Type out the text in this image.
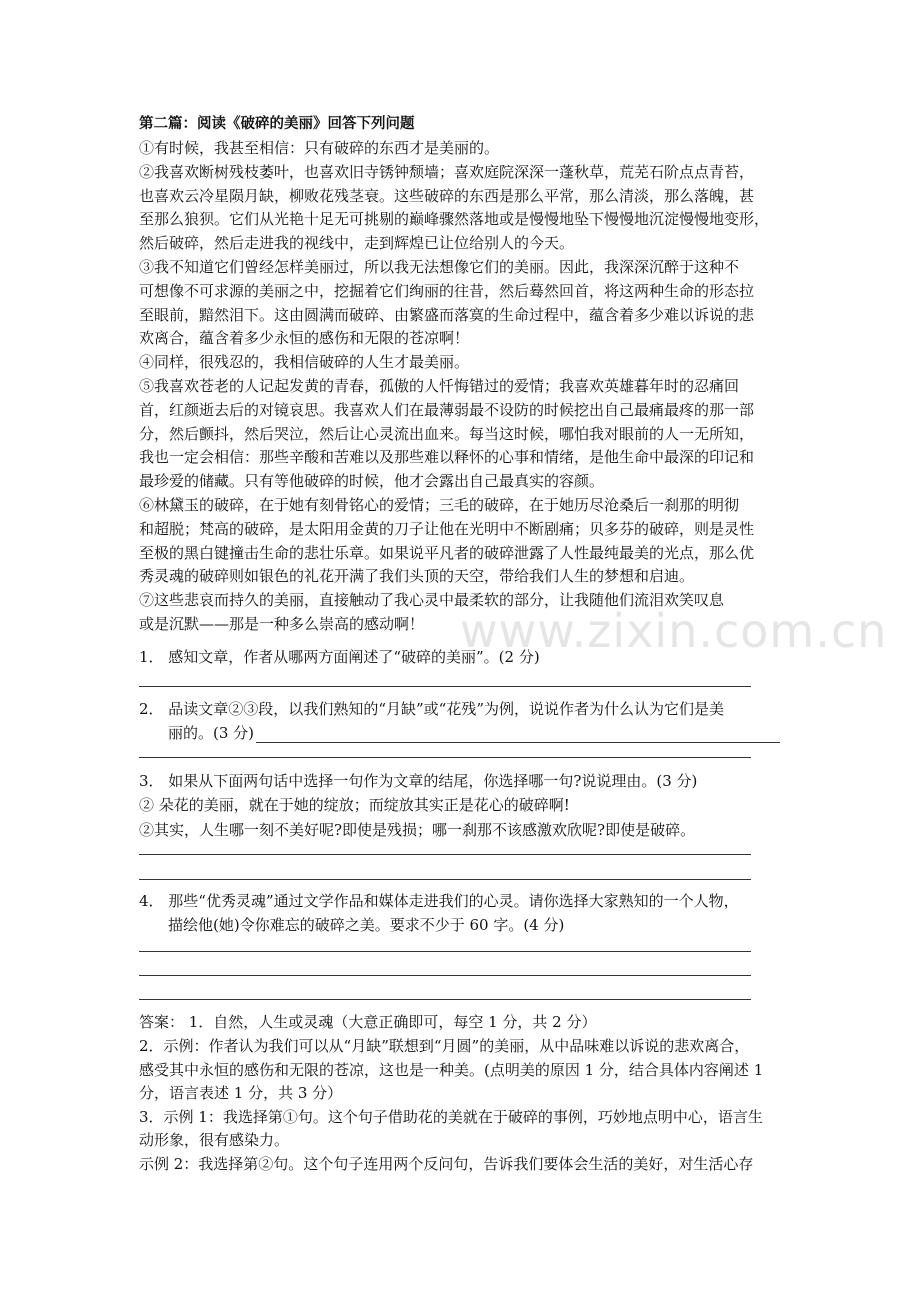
www.zixin.com.cn
第二篇：阅读《破碎的美丽》回答下列问题
①有时候，我甚至相信：只有破碎的东西才是美丽的。
②我喜欢断树残枝萎叶，也喜欢旧寺锈钟颓墙；喜欢庭院深深一蓬秋草，荒芜石阶点点青苔，
也喜欢云冷星陨月缺，柳败花残茎衰。这些破碎的东西是那么平常，那么清淡，那么落魄，甚
至那么狼狈。它们从光艳十足无可挑剔的巅峰骤然落地或是慢慢地坠下慢慢地沉淀慢慢地变形，
然后破碎，然后走进我的视线中，走到辉煌已让位给别人的今天。
③我不知道它们曾经怎样美丽过，所以我无法想像它们的美丽。因此，我深深沉醉于这种不
可想像不可求源的美丽之中，挖掘着它们绚丽的往昔，然后蓦然回首，将这两种生命的形态拉
至眼前，黯然泪下。这由圆满而破碎、由繁盛而落寞的生命过程中，蕴含着多少难以诉说的悲
欢离合，蕴含着多少永恒的感伤和无限的苍凉啊！
④同样，很残忍的，我相信破碎的人生才最美丽。
⑤我喜欢苍老的人记起发黄的青春，孤傲的人忏悔错过的爱情；我喜欢英雄暮年时的忍痛回
首，红颜逝去后的对镜哀思。我喜欢人们在最薄弱最不设防的时候挖出自己最痛最疼的那一部
分，然后颤抖，然后哭泣，然后让心灵流出血来。每当这时候，哪怕我对眼前的人一无所知，
我也一定会相信：那些辛酸和苦难以及那些难以释怀的心事和情绪，是他生命中最深的印记和
最珍爱的储藏。只有等他破碎的时候，他才会露出自己最真实的容颜。
⑥林黛玉的破碎，在于她有刻骨铭心的爱情；三毛的破碎，在于她历尽沧桑后一刹那的明彻
和超脱；梵高的破碎，是太阳用金黄的刀子让他在光明中不断剧痛；贝多芬的破碎，则是灵性
至极的黑白键撞击生命的悲壮乐章。如果说平凡者的破碎泄露了人性最纯最美的光点，那么优
秀灵魂的破碎则如银色的礼花开满了我们头顶的天空，带给我们人生的梦想和启迪。
⑦这些悲哀而持久的美丽，直接触动了我心灵中最柔软的部分，让我随他们流泪欢笑叹息
或是沉默——那是一种多么崇高的感动啊！
1． 感知文章，作者从哪两方面阐述了“破碎的美丽”。(2 分)
2． 品读文章②③段，以我们熟知的“月缺”或“花残”为例，说说作者为什么认为它们是美
丽的。(3 分)
3． 如果从下面两句话中选择一句作为文章的结尾，你选择哪一句?说说理由。(3 分)
② 朵花的美丽，就在于她的绽放；而绽放其实正是花心的破碎啊!
②其实，人生哪一刻不美好呢?即使是残损；哪一刹那不该感激欢欣呢?即使是破碎。
4． 那些“优秀灵魂”通过文学作品和媒体走进我们的心灵。请你选择大家熟知的一个人物，
描绘他(她)令你难忘的破碎之美。要求不少于 60 字。(4 分)
答案： 1．自然，人生或灵魂（大意正确即可，每空 1 分，共 2 分）
2．示例：作者认为我们可以从“月缺”联想到“月圆”的美丽，从中品味难以诉说的悲欢离合，
感受其中永恒的感伤和无限的苍凉，这也是一种美。(点明美的原因 1 分，结合具体内容阐述 1
分，语言表述 1 分，共 3 分）
3．示例 1：我选择第①句。这个句子借助花的美就在于破碎的事例，巧妙地点明中心，语言生
动形象，很有感染力。
示例 2：我选择第②句。这个句子连用两个反问句，告诉我们要体会生活的美好，对生活心存
